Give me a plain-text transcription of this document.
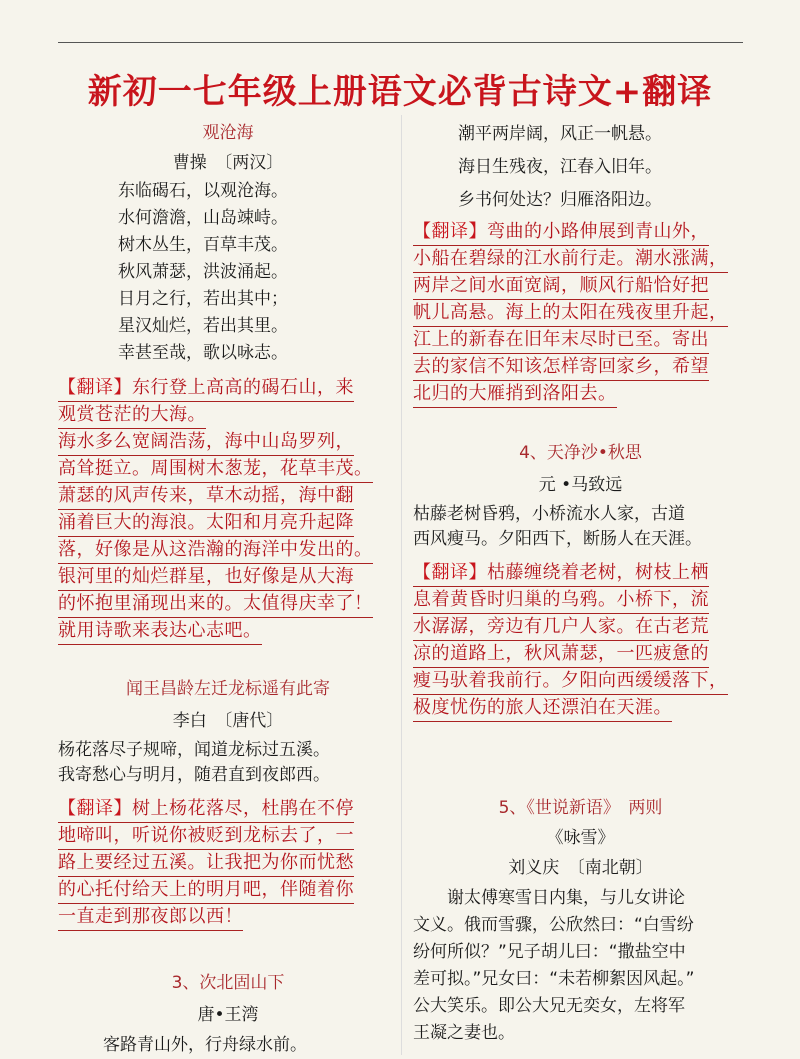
新初一七年级上册语文必背古诗文+翻译
观沧海
曹操　〔两汉〕
东临碣石，以观沧海。
水何澹澹，山岛竦峙。
树木丛生，百草丰茂。
秋风萧瑟，洪波涌起。
日月之行，若出其中；
星汉灿烂，若出其里。
幸甚至哉，歌以咏志。
【翻译】东行登上高高的碣石山，来
观赏苍茫的大海。
海水多么宽阔浩荡，海中山岛罗列，
高耸挺立。周围树木葱茏，花草丰茂。
萧瑟的风声传来，草木动摇，海中翻
涌着巨大的海浪。太阳和月亮升起降
落，好像是从这浩瀚的海洋中发出的。
银河里的灿烂群星，也好像是从大海
的怀抱里涌现出来的。太值得庆幸了！
就用诗歌来表达心志吧。
闻王昌龄左迁龙标遥有此寄
李白　〔唐代〕
杨花落尽子规啼，闻道龙标过五溪。
我寄愁心与明月，随君直到夜郎西。
【翻译】树上杨花落尽，杜鹃在不停
地啼叫，听说你被贬到龙标去了，一
路上要经过五溪。让我把为你而忧愁
的心托付给天上的明月吧，伴随着你
一直走到那夜郎以西！
3、次北固山下
唐•王湾
客路青山外，行舟绿水前。
潮平两岸阔，风正一帆悬。
海日生残夜，江春入旧年。
乡书何处达？归雁洛阳边。
【翻译】弯曲的小路伸展到青山外，
小船在碧绿的江水前行走。潮水涨满，
两岸之间水面宽阔，顺风行船恰好把
帆儿高悬。海上的太阳在残夜里升起，
江上的新春在旧年末尽时已至。寄出
去的家信不知该怎样寄回家乡，希望
北归的大雁捎到洛阳去。
4、天净沙•秋思
元 •马致远
枯藤老树昏鸦，小桥流水人家，古道
西风瘦马。夕阳西下，断肠人在天涯。
【翻译】枯藤缠绕着老树，树枝上栖
息着黄昏时归巢的乌鸦。小桥下，流
水潺潺，旁边有几户人家。在古老荒
凉的道路上，秋风萧瑟，一匹疲惫的
瘦马驮着我前行。夕阳向西缓缓落下，
极度忧伤的旅人还漂泊在天涯。
5、《世说新语》　两则
《咏雪》
刘义庆　〔南北朝〕
　　谢太傅寒雪日内集，与儿女讲论
文义。俄而雪骤，公欣然曰：“白雪纷
纷何所似？”兄子胡儿曰：“撒盐空中
差可拟。”兄女曰：“未若柳絮因风起。”
公大笑乐。即公大兄无奕女，左将军
王凝之妻也。
